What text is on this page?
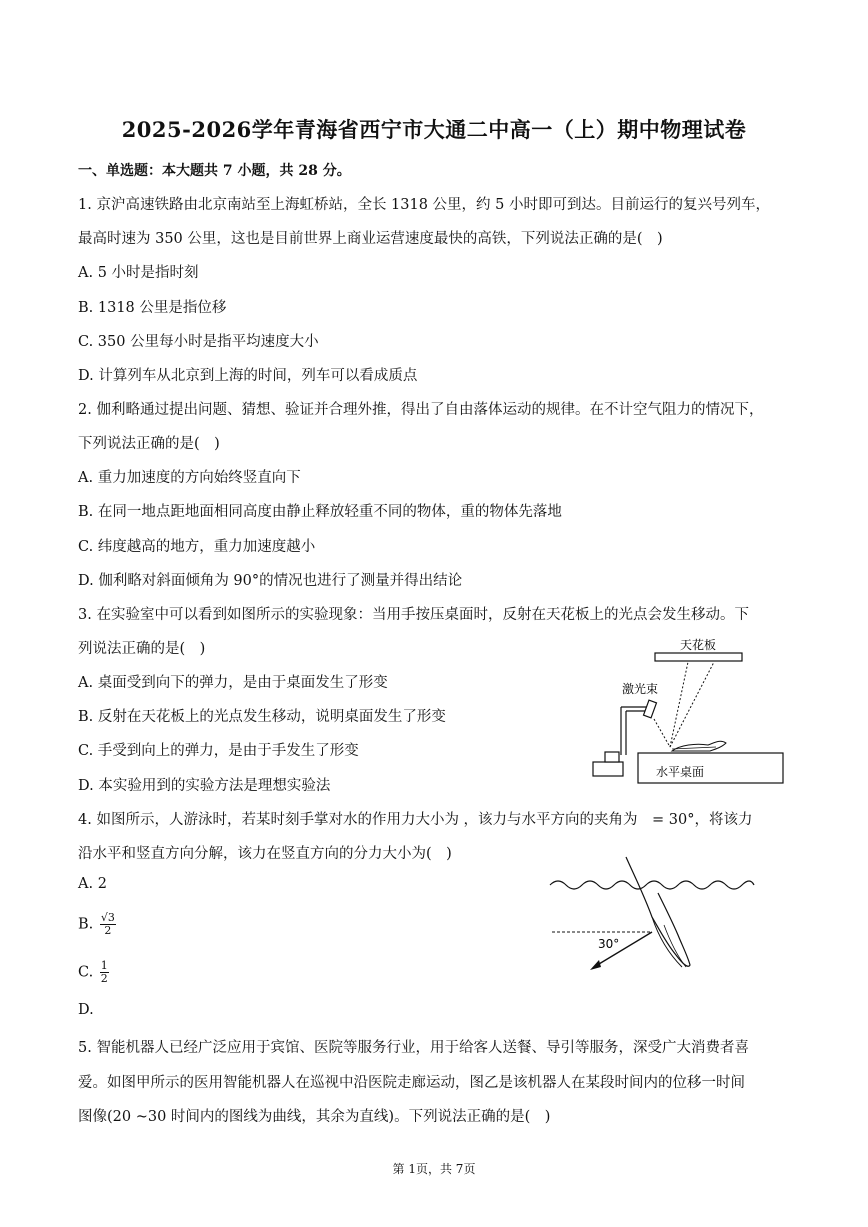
2025-2026学年青海省西宁市大通二中高一（上）期中物理试卷
一、单选题：本大题共 7 小题，共 28 分。
1. 京沪高速铁路由北京南站至上海虹桥站，全长 1318 公里，约 5 小时即可到达。目前运行的复兴号列车，
最高时速为 350 公里，这也是目前世界上商业运营速度最快的高铁，下列说法正确的是(　)
A. 5 小时是指时刻
B. 1318 公里是指位移
C. 350 公里每小时是指平均速度大小
D. 计算列车从北京到上海的时间，列车可以看成质点
2. 伽利略通过提出问题、猜想、验证并合理外推，得出了自由落体运动的规律。在不计空气阻力的情况下，
下列说法正确的是(　)
A. 重力加速度的方向始终竖直向下
B. 在同一地点距地面相同高度由静止释放轻重不同的物体，重的物体先落地
C. 纬度越高的地方，重力加速度越小
D. 伽利略对斜面倾角为 90°的情况也进行了测量并得出结论
3. 在实验室中可以看到如图所示的实验现象：当用手按压桌面时，反射在天花板上的光点会发生移动。下
列说法正确的是(　)
A. 桌面受到向下的弹力，是由于桌面发生了形变
B. 反射在天花板上的光点发生移动，说明桌面发生了形变
C. 手受到向上的弹力，是由于手发生了形变
D. 本实验用到的实验方法是理想实验法
天花板
激光束
水平桌面
4. 如图所示，人游泳时，若某时刻手掌对水的作用力大小为 ，该力与水平方向的夹角为　= 30°，将该力
沿水平和竖直方向分解，该力在竖直方向的分力大小为(　)
A. 2
B. $\frac{√3}{2}$
C. $\frac{1}{2}$
D.
30°
5. 智能机器人已经广泛应用于宾馆、医院等服务行业，用于给客人送餐、导引等服务，深受广大消费者喜
爱。如图甲所示的医用智能机器人在巡视中沿医院走廊运动，图乙是该机器人在某段时间内的位移一时间
图像(20 ~30 时间内的图线为曲线，其余为直线)。下列说法正确的是(　)
第 1页，共 7页
